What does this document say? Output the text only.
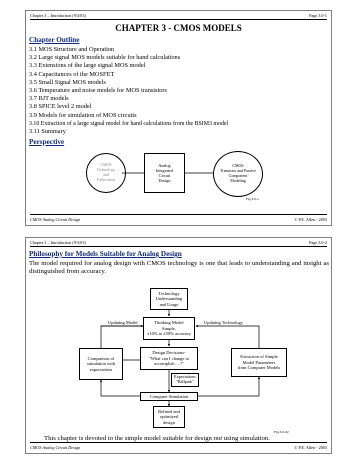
Chapter 3 – Introduction (9/3/03)	Page 3.0-1
CHAPTER 3 - CMOS MODELS
Chapter Outline
3.1 MOS Structure and Operation
3.2 Large signal MOS models suitable for hand calculations
3.3 Extensions of the large signal MOS model
3.4 Capacitances of the MOSFET
3.5 Small Signal MOS models
3.6 Temperature and noise models for MOS transistors
3.7 BJT models
3.8 SPICE level 2 model
3.9 Models for simulation of MOS circuits
3.10 Extraction of a large signal model for hand calculations from the BSIM3 model
3.11 Summary
Perspective
CMOS
Technology
and
Fabrication
Analog
Integrated
Circuit
Design
CMOS
Transistor and Passive
Component
Modeling
Fig.3.0-1
CMOS Analog Circuit Design	© P.E. Allen - 2003
Chapter 3 – Introduction (9/3/03)	Page 3.0-2
Philosophy for Models Suitable for Analog Design
The model required for analog design with CMOS technology is one that leads to understanding and insight as distinguished from accuracy.
Technology
Understanding
and Usage
Updating Model	Thinking Model
Simple,
±10% to ±50% accuracy
Updating Technology
Comparison of
simulation with
expectations
Design Decisions-
"What can I change to
accomplish….?"
Extraction of Simple
Model Parameters
from Computer Models
Expectations
"Ballpark"
Computer Simulation
Refined and
optimized
design
Fig.3.0-02
This chapter is devoted to the simple model suitable for design not using simulation.
CMOS Analog Circuit Design	© P.E. Allen - 2003
